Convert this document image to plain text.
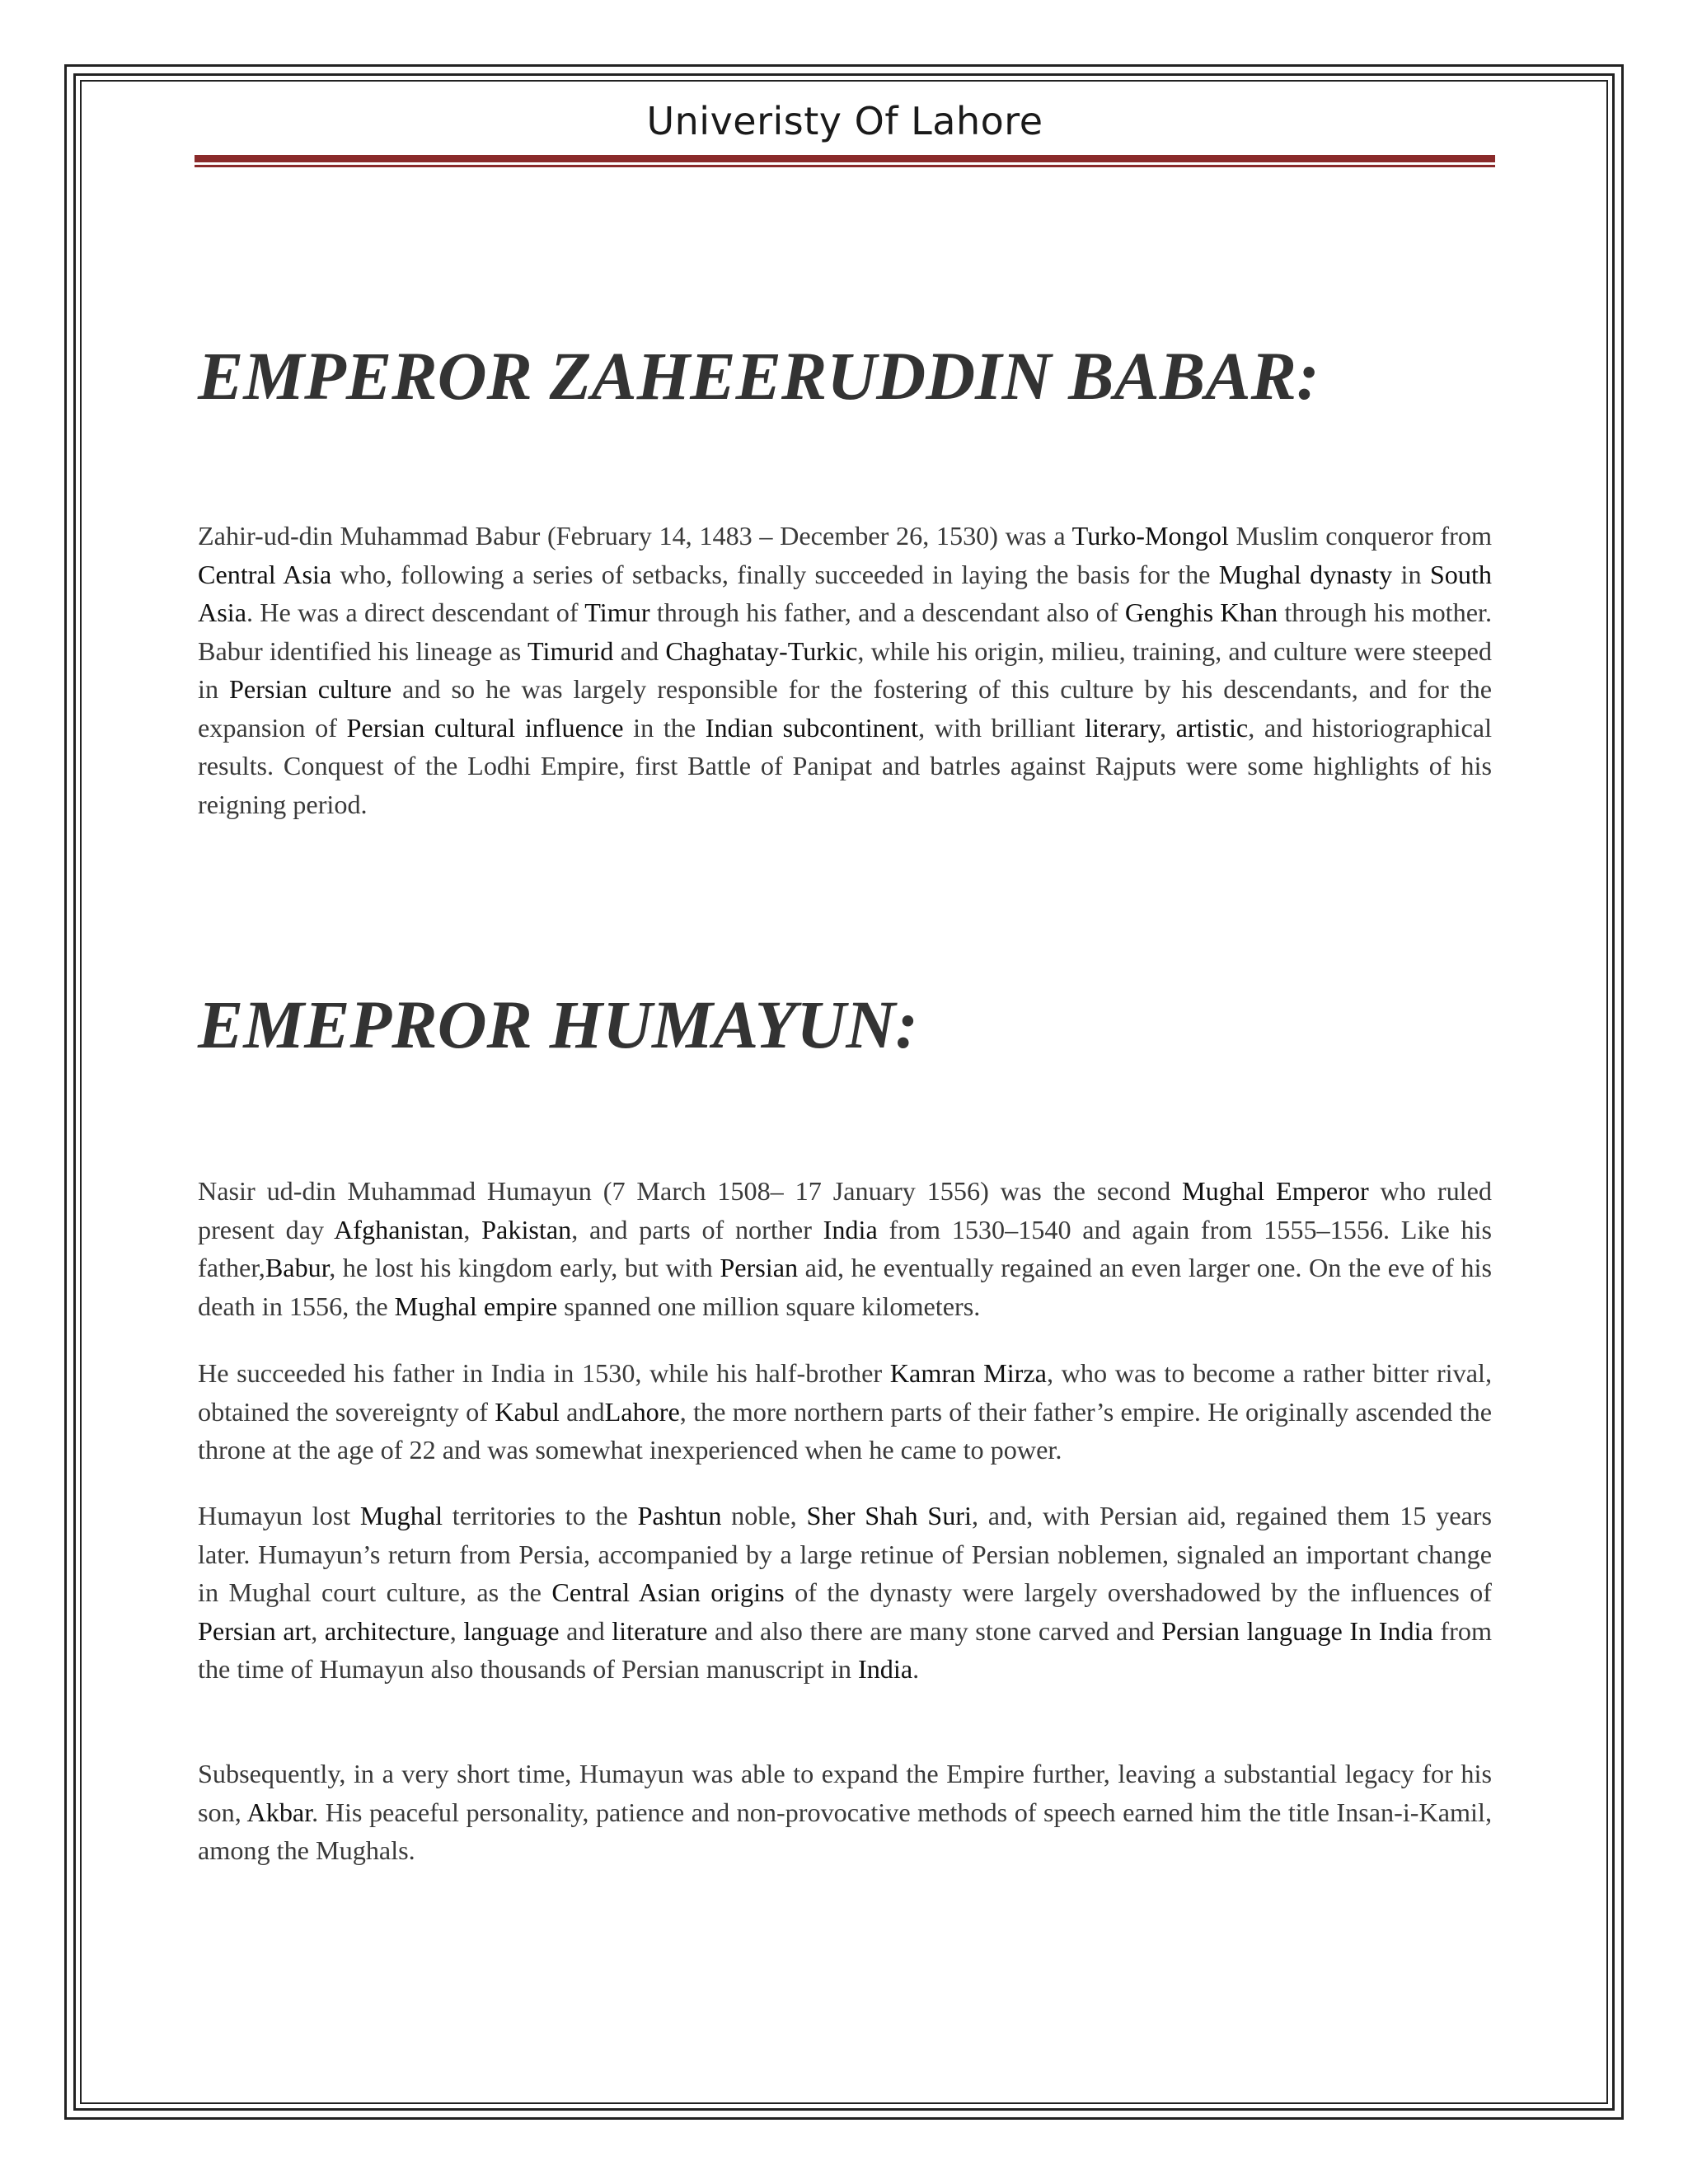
Univeristy Of Lahore
EMPEROR ZAHEERUDDIN BABAR:

Zahir-ud-din Muhammad Babur (February 14, 1483 – December 26, 1530) was a Turko-Mongol Muslim conqueror from Central Asia who, following a series of setbacks, finally succeeded in laying the basis for the Mughal dynasty in South Asia. He was a direct descendant of Timur through his father, and a descendant also of Genghis Khan through his mother. Babur identified his lineage as Timurid and Chaghatay-Turkic, while his origin, milieu, training, and culture were steeped in Persian culture and so he was largely responsible for the fostering of this culture by his descendants, and for the expansion of Persian cultural influence in the Indian subcontinent, with brilliant literary, artistic, and historiographical results. Conquest of the Lodhi Empire, first Battle of Panipat and batrles against Rajputs were some highlights of his reigning period.

EMEPROR HUMAYUN:

Nasir ud-din Muhammad Humayun (7 March 1508– 17 January 1556) was the second Mughal Emperor who ruled present day Afghanistan, Pakistan, and parts of norther India from 1530–1540 and again from 1555–1556. Like his father,Babur, he lost his kingdom early, but with Persian aid, he eventually regained an even larger one. On the eve of his death in 1556, the Mughal empire spanned one million square kilometers.

He succeeded his father in India in 1530, while his half-brother Kamran Mirza, who was to become a rather bitter rival, obtained the sovereignty of Kabul andLahore, the more northern parts of their father’s empire. He originally ascended the throne at the age of 22 and was somewhat inexperienced when he came to power.

Humayun lost Mughal territories to the Pashtun noble, Sher Shah Suri, and, with Persian aid, regained them 15 years later. Humayun’s return from Persia, accompanied by a large retinue of Persian noblemen, signaled an important change in Mughal court culture, as the Central Asian origins of the dynasty were largely overshadowed by the influences of Persian art, architecture, language and literature and also there are many stone carved and Persian language In India from the time of Humayun also thousands of Persian manuscript in India.

Subsequently, in a very short time, Humayun was able to expand the Empire further, leaving a substantial legacy for his son, Akbar. His peaceful personality, patience and non-provocative methods of speech earned him the title Insan-i-Kamil, among the Mughals.
